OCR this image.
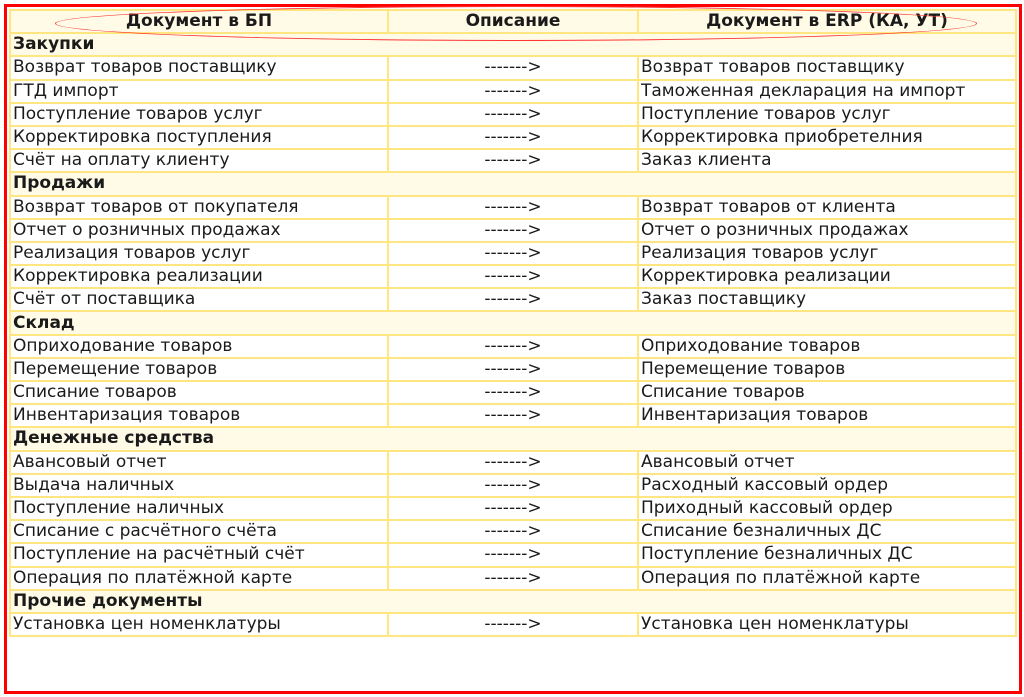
Документ в БП	Описание	Документ в ERP (КА, УТ)
Закупки		
Возврат товаров поставщику	------->	Возврат товаров поставщику
ГТД импорт	------->	Таможенная декларация на импорт
Поступление товаров услуг	------->	Поступление товаров услуг
Корректировка поступления	------->	Корректировка приобретелния
Счёт на оплату клиенту	------->	Заказ клиента
Продажи		
Возврат товаров от покупателя	------->	Возврат товаров от клиента
Отчет о розничных продажах	------->	Отчет о розничных продажах
Реализация товаров услуг	------->	Реализация товаров услуг
Корректировка реализации	------->	Корректировка реализации
Счёт от поставщика	------->	Заказ поставщику
Склад		
Оприходование товаров	------->	Оприходование товаров
Перемещение товаров	------->	Перемещение товаров
Списание товаров	------->	Списание товаров
Инвентаризация товаров	------->	Инвентаризация товаров
Денежные средства		
Авансовый отчет	------->	Авансовый отчет
Выдача наличных	------->	Расходный кассовый ордер
Поступление наличных	------->	Приходный кассовый ордер
Списание с расчётного счёта	------->	Списание безналичных ДС
Поступление на расчётный счёт	------->	Поступление безналичных ДС
Операция по платёжной карте	------->	Операция по платёжной карте
Прочие документы		
Установка цен номенклатуры	------->	Установка цен номенклатуры
